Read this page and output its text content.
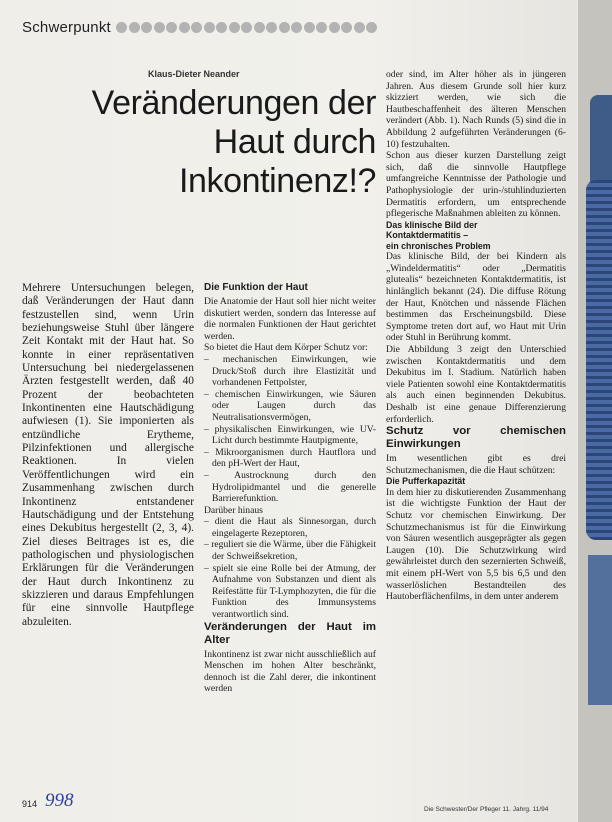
Schwerpunkt
Klaus-Dieter Neander
Veränderungen der
Haut durch
Inkontinenz!?

Mehrere Untersuchungen belegen, daß Veränderungen der Haut dann festzustellen sind, wenn Urin beziehungsweise Stuhl über längere Zeit Kontakt mit der Haut hat. So konnte in einer repräsentativen Untersuchung bei niedergelassenen Ärzten festgestellt werden, daß 40 Prozent der beobachteten Inkontinenten eine Hautschädigung aufwiesen (1). Sie imponierten als entzündliche Erytheme, Pilzinfektionen und allergische Reaktionen. In vielen Veröffentlichungen wird ein Zusammenhang zwischen durch Inkontinenz entstandener Hautschädigung und der Entstehung eines Dekubitus hergestellt (2, 3, 4). Ziel dieses Beitrages ist es, die pathologischen und physiologischen Erklärungen für die Veränderungen der Haut durch Inkontinenz zu skizzieren und daraus Empfehlungen für eine sinnvolle Hautpflege abzuleiten.

Die Funktion der Haut

Die Anatomie der Haut soll hier nicht weiter diskutiert werden, sondern das Interesse auf die normalen Funktionen der Haut gerichtet werden.

So bietet die Haut dem Körper Schutz vor:

– mechanischen Einwirkungen, wie Druck/Stoß durch ihre Elastizität und vorhandenen Fettpolster,
– chemischen Einwirkungen, wie Säuren oder Laugen durch das Neutralisationsvermögen,
– physikalischen Einwirkungen, wie UV-Licht durch bestimmte Hautpigmente,
– Mikroorganismen durch Hautflora und den pH-Wert der Haut,
– Austrocknung durch den Hydrolipidmantel und die generelle Barrierefunktion.

Darüber hinaus

– dient die Haut als Sinnesorgan, durch eingelagerte Rezeptoren,
– reguliert sie die Wärme, über die Fähigkeit der Schweißsekretion,
– spielt sie eine Rolle bei der Atmung, der Aufnahme von Substanzen und dient als Reifestätte für T-Lymphozyten, die für die Funktion des Immunsystems verantwortlich sind.
Veränderungen der Haut im Alter

Inkontinenz ist zwar nicht ausschließlich auf Menschen im hohen Alter beschränkt, dennoch ist die Zahl derer, die inkontinent werden

oder sind, im Alter höher als in jüngeren Jahren. Aus diesem Grunde soll hier kurz skizziert werden, wie sich die Hautbeschaffenheit des älteren Menschen verändert (Abb. 1). Nach Runds (5) sind die in Abbildung 2 aufgeführten Veränderungen (6-10) festzuhalten.

Schon aus dieser kurzen Darstellung zeigt sich, daß die sinnvolle Hautpflege umfangreiche Kenntnisse der Pathologie und Pathophysiologie der urin-/stuhlinduzierten Dermatitis erfordern, um entsprechende pflegerische Maßnahmen ableiten zu können.

Das klinische Bild der
Kontaktdermatitis –
ein chronisches Problem

Das klinische Bild, der bei Kindern als „Windeldermatitis“ oder „Dermatitis glutealis“ bezeichneten Kontaktdermatitis, ist hinlänglich bekannt (24). Die diffuse Rötung der Haut, Knötchen und nässende Flächen bestimmen das Erscheinungsbild. Diese Symptome treten dort auf, wo Haut mit Urin oder Stuhl in Berührung kommt.

Die Abbildung 3 zeigt den Unterschied zwischen Kontaktdermatitis und dem Dekubitus im I. Stadium. Natürlich haben viele Patienten sowohl eine Kontaktdermatitis als auch einen beginnenden Dekubitus. Deshalb ist eine genaue Differenzierung erforderlich.

Schutz vor chemischen Einwirkungen

Im wesentlichen gibt es drei Schutzmechanismen, die die Haut schützen:

Die Pufferkapazität

In dem hier zu diskutierenden Zusammenhang ist die wichtigste Funktion der Haut der Schutz vor chemischen Einwirkung. Der Schutzmechanismus ist für die Einwirkung von Säuren wesentlich ausgeprägter als gegen Laugen (10). Die Schutzwirkung wird gewährleistet durch den sezernierten Schweiß, mit einem pH-Wert von 5,5 bis 6,5 und den wasserlöslichen Bestandteilen des Hautoberflächenfilms, in dem unter anderem

914 998	Die Schwester/Der Pfleger 11. Jahrg. 11/94
